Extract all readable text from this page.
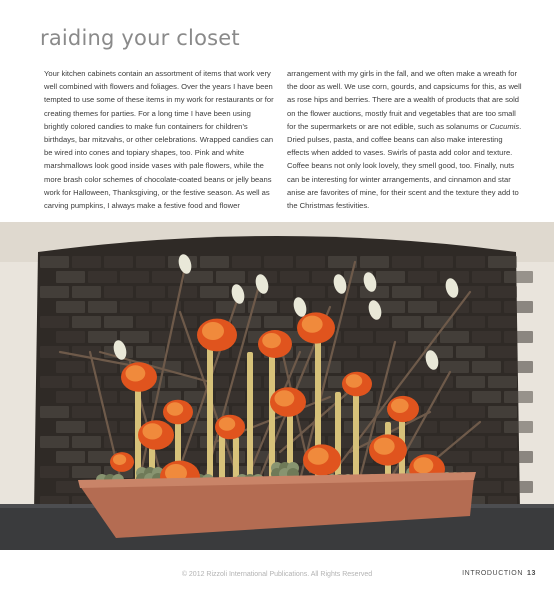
raiding your closet

Your kitchen cabinets contain an assortment of items that work very well combined with flowers and foliages. Over the years I have been tempted to use some of these items in my work for restaurants or for creating themes for parties. For a long time I have been using brightly colored candies to make fun containers for children’s birthdays, bar mitzvahs, or other celebrations. Wrapped candies can be wired into cones and topiary shapes, too. Pink and white marshmallows look good inside vases with pale flowers, while the more brash color schemes of chocolate-coated beans or jelly beans work for Halloween, Thanksgiving, or the festive season. As well as carving pumpkins, I always make a festive food and flower

arrangement with my girls in the fall, and we often make a wreath for the door as well. We use corn, gourds, and capsicums for this, as well as rose hips and berries. There are a wealth of products that are sold on the flower auctions, mostly fruit and vegetables that are too small for the supermarkets or are not edible, such as solanums or Cucumis. Dried pulses, pasta, and coffee beans can also make interesting effects when added to vases. Swirls of pasta add color and texture. Coffee beans not only look lovely, they smell good, too. Finally, nuts can be interesting for winter arrangements, and cinnamon and star anise are favorites of mine, for their scent and the texture they add to the Christmas festivities.

© 2012 Rizzoli International Publications. All Rights Reserved	INTRODUCTION 13
